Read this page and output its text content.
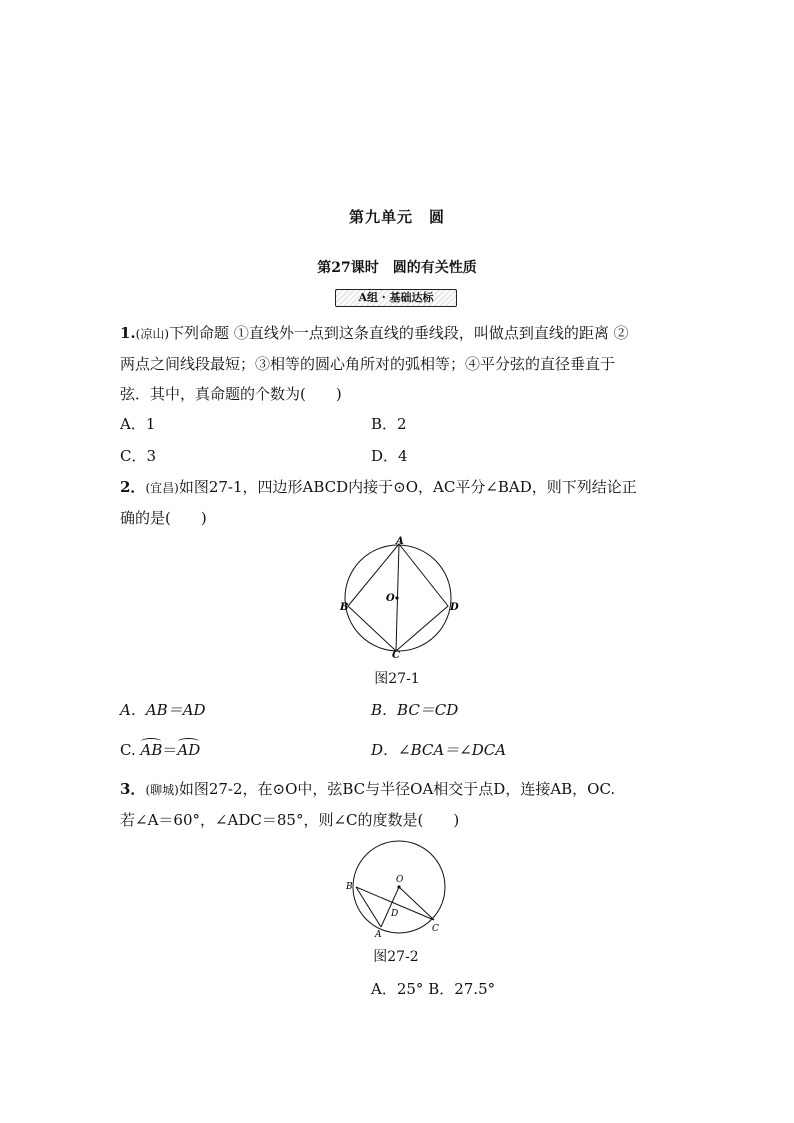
第九单元　圆
第27课时　圆的有关性质
A组 · 基础达标
1.(凉山)下列命题 ①直线外一点到这条直线的垂线段，叫做点到直线的距离 ②
两点之间线段最短；③相等的圆心角所对的弧相等；④平分弦的直径垂直于
弦．其中，真命题的个数为(　　)
A．1	B．2
C．3	D．4
2．(宜昌)如图27-1，四边形ABCD内接于⊙O，AC平分∠BAD，则下列结论正
确的是(　　)
A
B
C
D
O
图27-1
A．AB＝AD	B．BC＝CD
C. AB＝AD	D．∠BCA＝∠DCA
3．(聊城)如图27-2，在⊙O中，弦BC与半径OA相交于点D，连接AB，OC.
若∠A＝60°，∠ADC＝85°，则∠C的度数是(　　)
O
B
D
A
C
图27-2
A．25° B．27.5°
